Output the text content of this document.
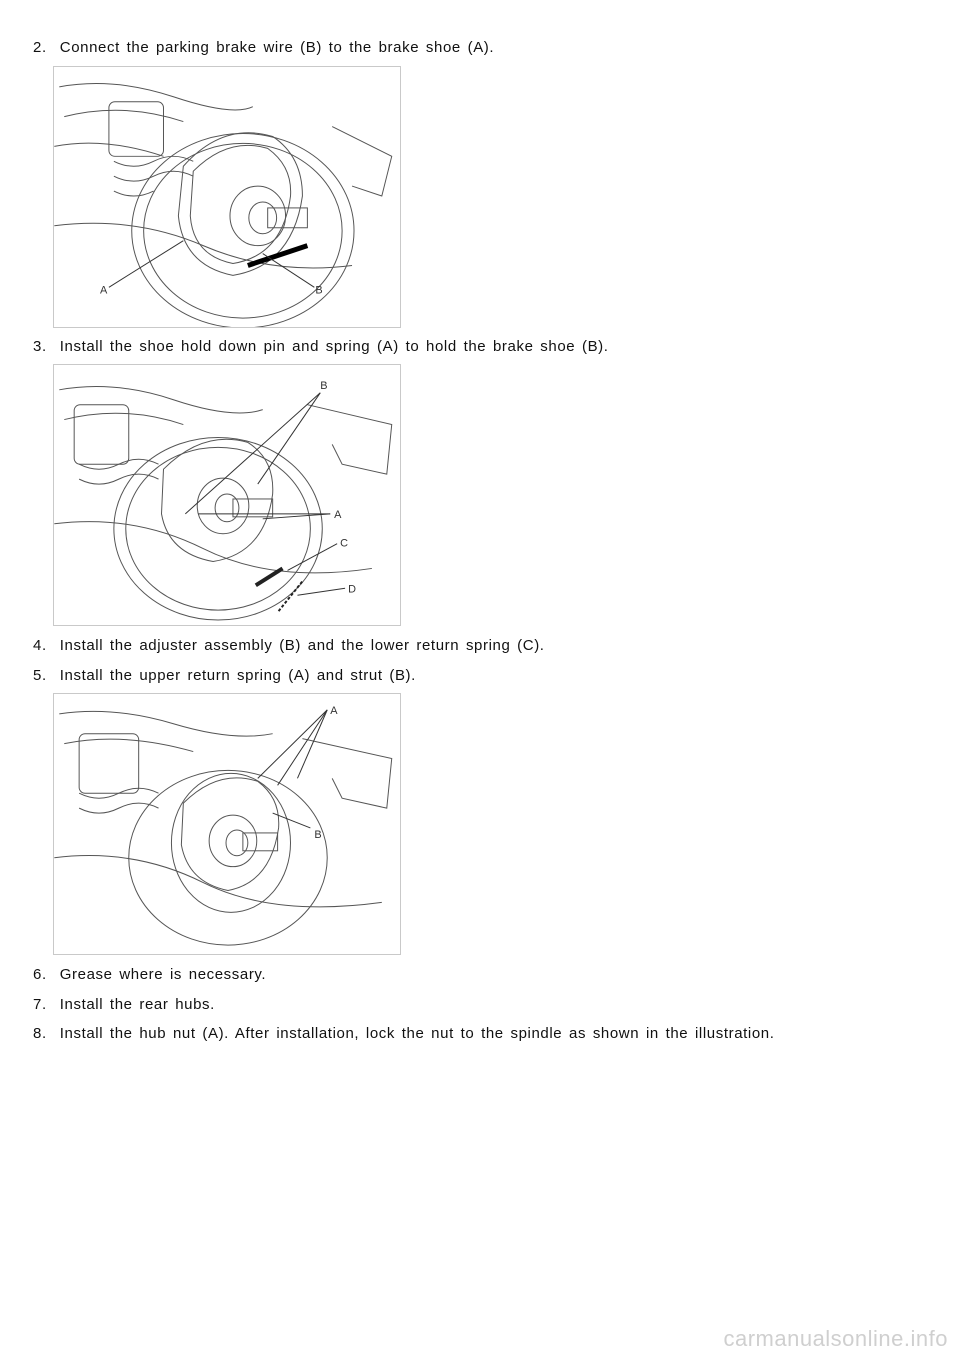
2. Connect the parking brake wire (B) to the brake shoe (A).
A	B
3. Install the shoe hold down pin and spring (A) to hold the brake shoe (B).
B
A
C
D
4. Install the adjuster assembly (B) and the lower return spring (C).
5. Install the upper return spring (A) and strut (B).
A
B
6. Grease where is necessary.
7. Install the rear hubs.
8. Install the hub nut (A). After installation, lock the nut to the spindle as shown in the illustration.
carmanualsonline.info
